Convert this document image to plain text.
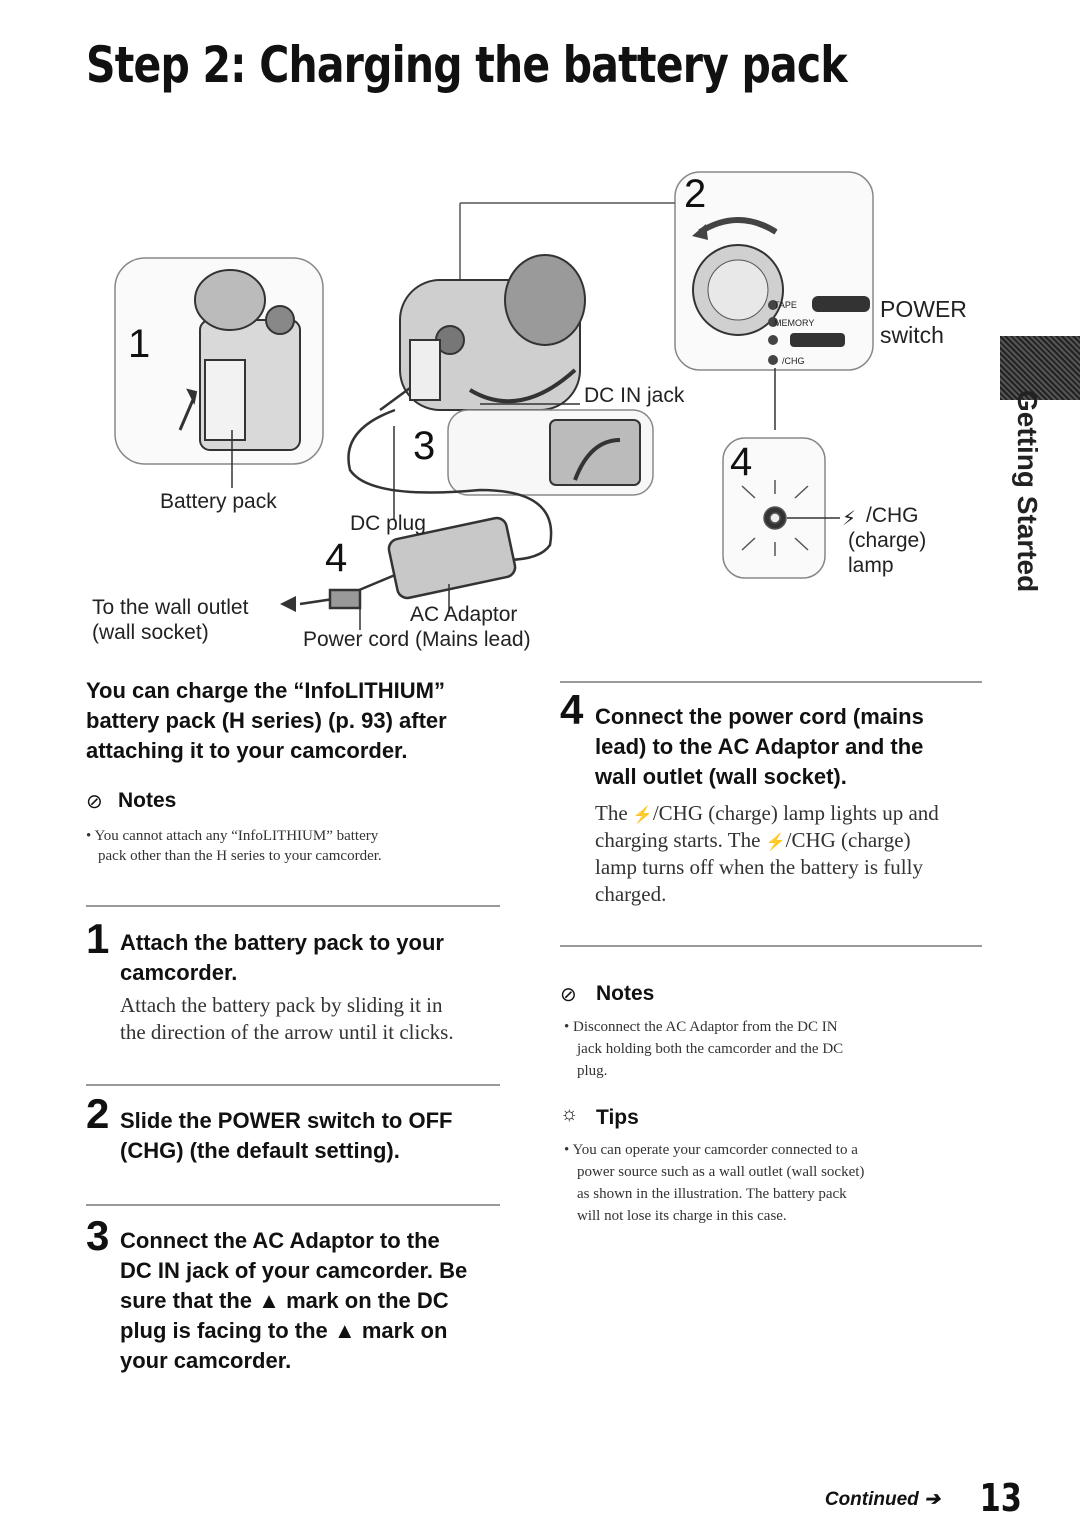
Step 2: Charging the battery pack
⚡
1
2
3
4
4
TAPE
MEMORY
/CHG
Battery pack
DC plug
DC IN jack
POWER
switch
/CHG
(charge)
lamp
To the wall outlet
(wall socket)
AC Adaptor
Power cord (Mains lead)
Getting Started
You can charge the “InfoLITHIUM”
battery pack (H series) (p. 93) after
attaching it to your camcorder.
⊘ Notes
• You cannot attach any “InfoLITHIUM” battery
pack other than the H series to your camcorder.
1 Attach the battery pack to your
camcorder.
Attach the battery pack by sliding it in
the direction of the arrow until it clicks.
2 Slide the POWER switch to OFF
(CHG) (the default setting).
3 Connect the AC Adaptor to the
DC IN jack of your camcorder. Be
sure that the ▲ mark on the DC
plug is facing to the ▲ mark on
your camcorder.
4 Connect the power cord (mains
lead) to the AC Adaptor and the
wall outlet (wall socket).
The ⚡/CHG (charge) lamp lights up and
charging starts. The ⚡/CHG (charge)
lamp turns off when the battery is fully
charged.
⊘ Notes
• Disconnect the AC Adaptor from the DC IN
jack holding both the camcorder and the DC
plug.
☼ Tips
• You can operate your camcorder connected to a
power source such as a wall outlet (wall socket)
as shown in the illustration. The battery pack
will not lose its charge in this case.
Continued ➔ 13
